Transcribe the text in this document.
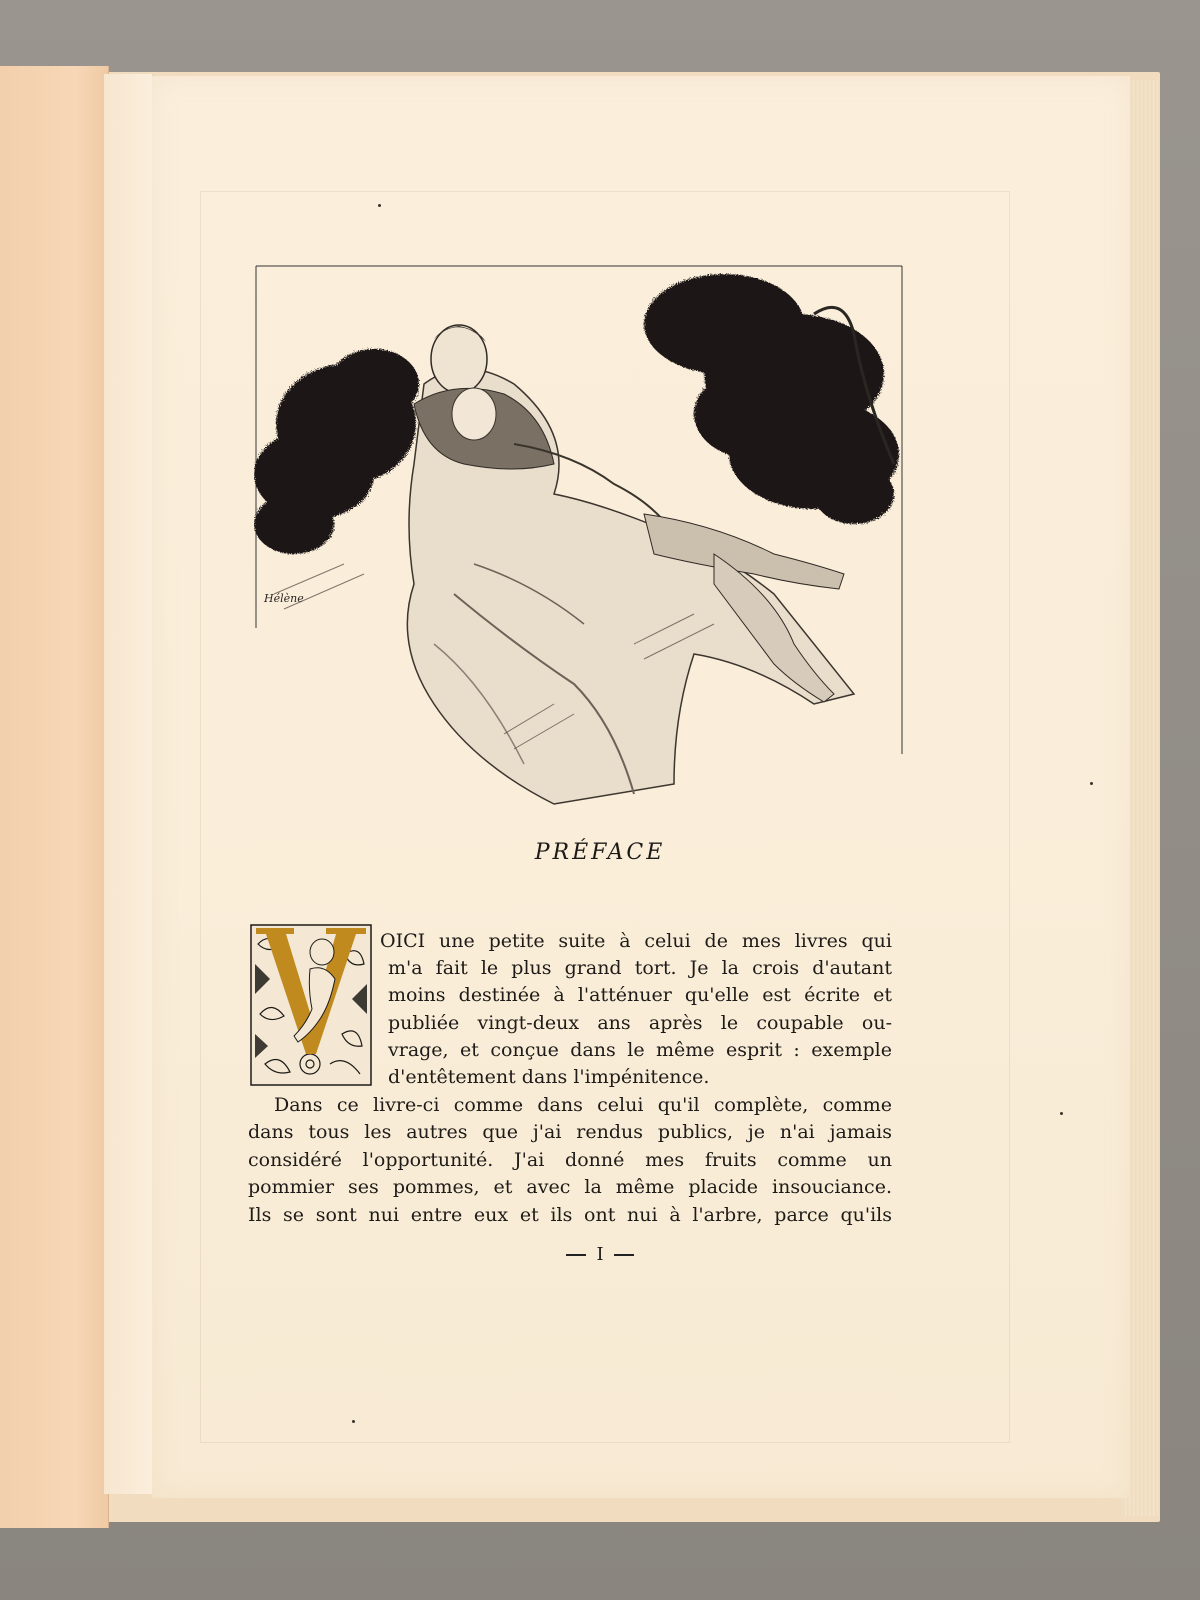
Hélène
PRÉFACE
OICI une petite suite à celui de mes livres qui
m'a fait le plus grand tort. Je la crois d'autant
moins destinée à l'atténuer qu'elle est écrite et
publiée vingt-deux ans après le coupable ou-
vrage, et conçue dans le même esprit : exemple
d'entêtement dans l'impénitence.
Dans ce livre-ci comme dans celui qu'il complète, comme
dans tous les autres que j'ai rendus publics, je n'ai jamais
considéré l'opportunité. J'ai donné mes fruits comme un
pommier ses pommes, et avec la même placide insouciance.
Ils se sont nui entre eux et ils ont nui à l'arbre, parce qu'ils
I
